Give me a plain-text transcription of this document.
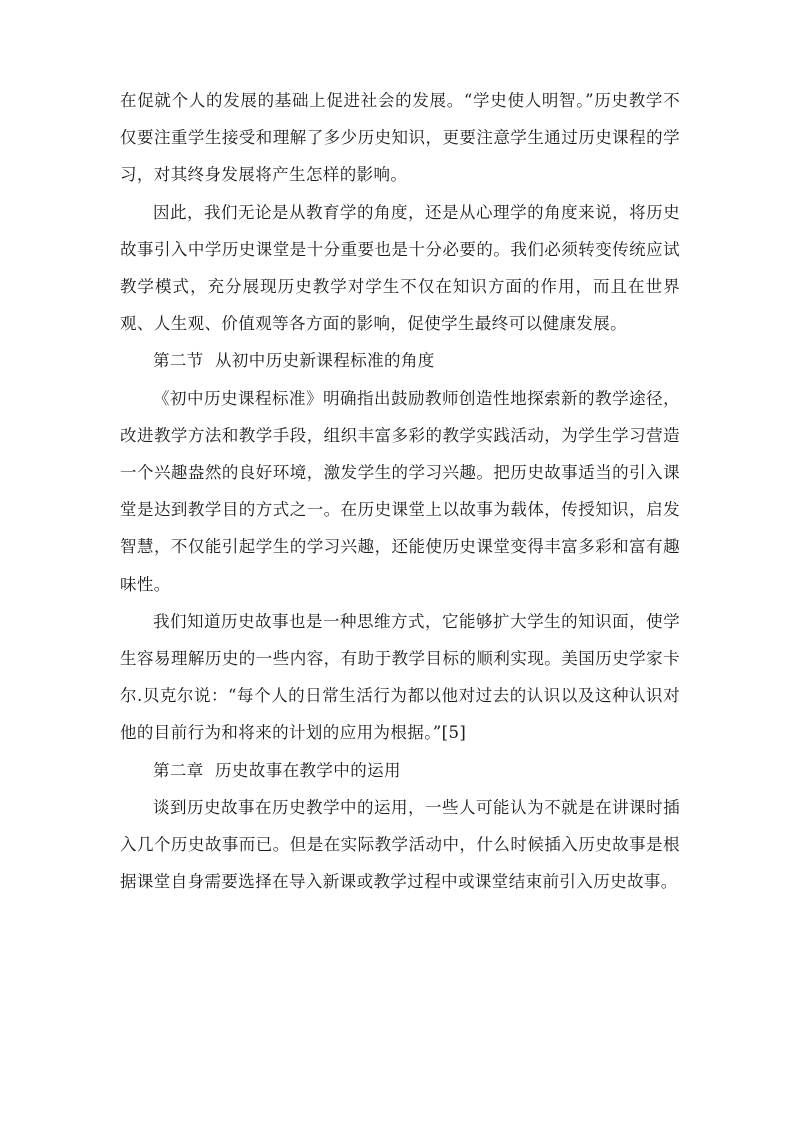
在促就个人的发展的基础上促进社会的发展。“学史使人明智。”历史教学不仅要注重学生接受和理解了多少历史知识，更要注意学生通过历史课程的学习，对其终身发展将产生怎样的影响。

因此，我们无论是从教育学的角度，还是从心理学的角度来说，将历史故事引入中学历史课堂是十分重要也是十分必要的。我们必须转变传统应试教学模式，充分展现历史教学对学生不仅在知识方面的作用，而且在世界观、人生观、价值观等各方面的影响，促使学生最终可以健康发展。

第二节  从初中历史新课程标准的角度

《初中历史课程标准》明确指出鼓励教师创造性地探索新的教学途径，改进教学方法和教学手段，组织丰富多彩的教学实践活动，为学生学习营造一个兴趣盎然的良好环境，激发学生的学习兴趣。把历史故事适当的引入课堂是达到教学目的方式之一。在历史课堂上以故事为载体，传授知识，启发智慧，不仅能引起学生的学习兴趣，还能使历史课堂变得丰富多彩和富有趣味性。

我们知道历史故事也是一种思维方式，它能够扩大学生的知识面，使学生容易理解历史的一些内容，有助于教学目标的顺利实现。美国历史学家卡尔.贝克尔说：“每个人的日常生活行为都以他对过去的认识以及这种认识对他的目前行为和将来的计划的应用为根据。”[5]

第二章  历史故事在教学中的运用

谈到历史故事在历史教学中的运用，一些人可能认为不就是在讲课时插入几个历史故事而已。但是在实际教学活动中，什么时候插入历史故事是根据课堂自身需要选择在导入新课或教学过程中或课堂结束前引入历史故事。
